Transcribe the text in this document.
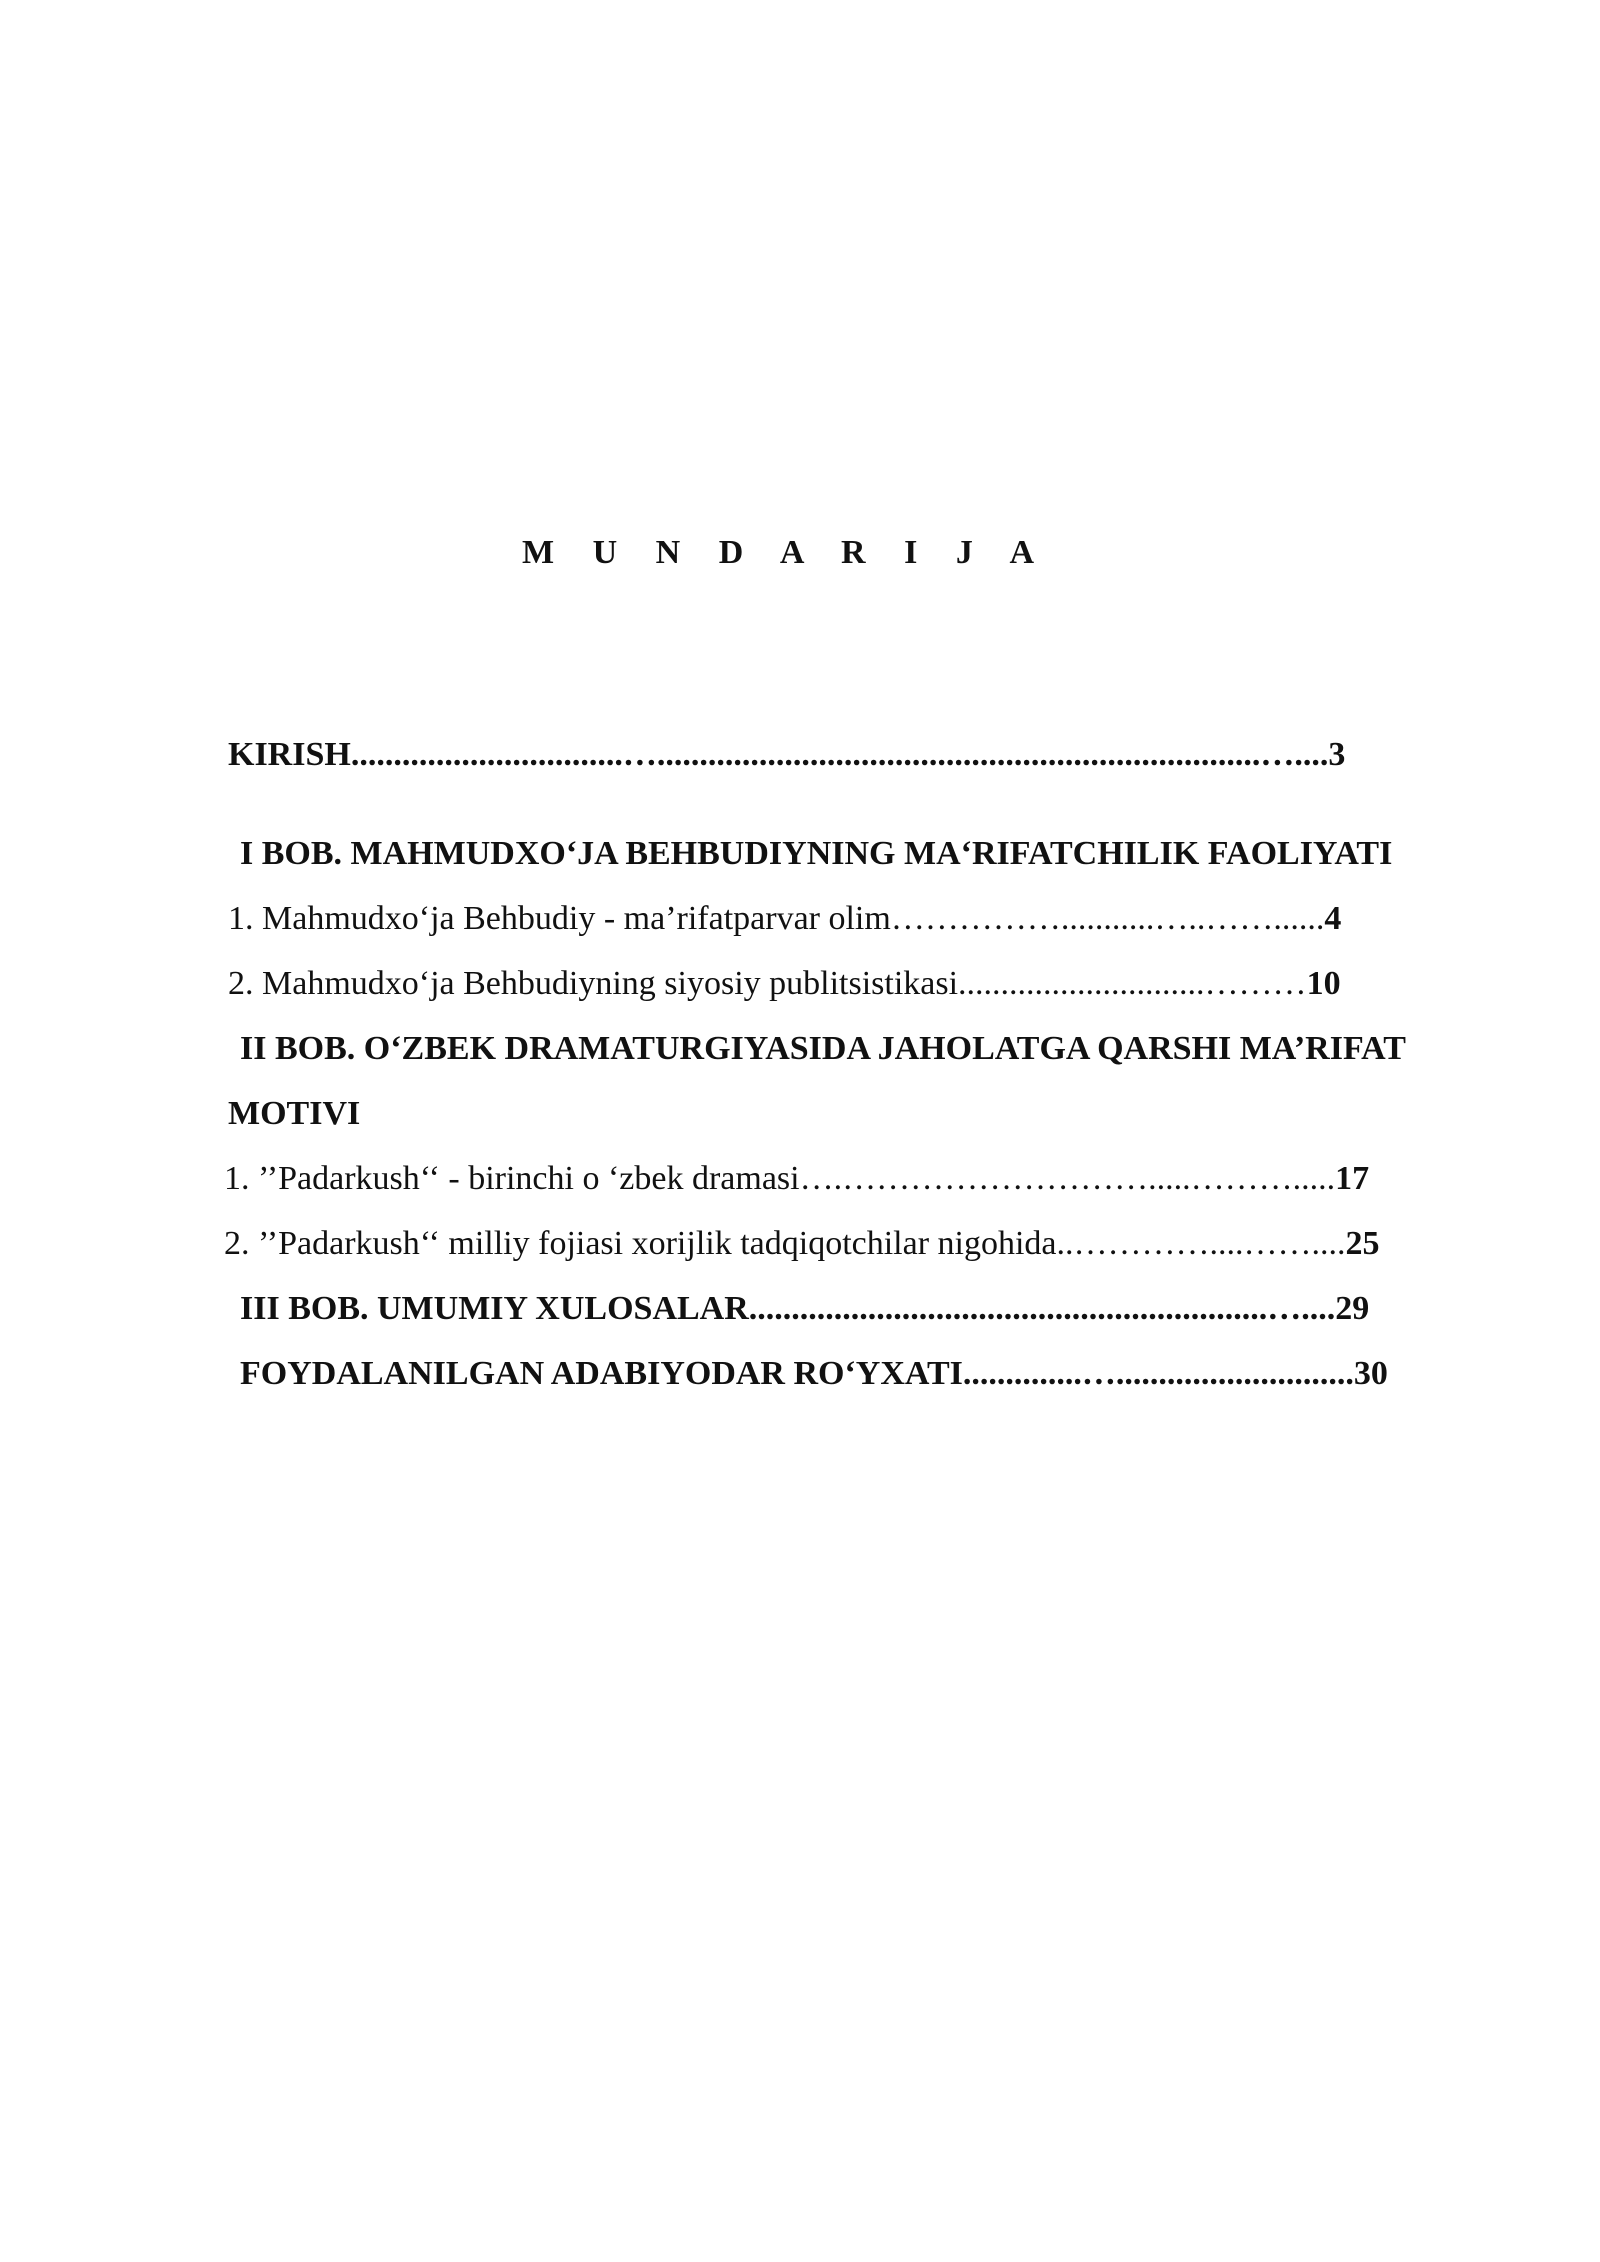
M U N D A R I J A
KIRISH................................….......................................................................…....3
I BOB. MAHMUDXO‘JA BEHBUDIYNING MA‘RIFATCHILIK FAOLIYATI
1. Mahmudxo‘ja Behbudiy - ma’rifatparvar olim……………...........…..……......4
2. Mahmudxo‘ja Behbudiyning siyosiy publitsistikasi.............................………10
II BOB. O‘ZBEK DRAMATURGIYASIDA JAHOLATGA QARSHI MA’RIFAT
MOTIVI
1. ’’Padarkush‘‘ - birinchi o ‘zbek dramasi….……………………….....……….....17
2. ’’Padarkush‘‘ milliy fojiasi xorijlik tadqiqotchilar nigohida..…………....……....25
III BOB. UMUMIY XULOSALAR.............................................................…....29
FOYDALANILGAN ADABIYODAR RO‘YXATI..............…............................30
